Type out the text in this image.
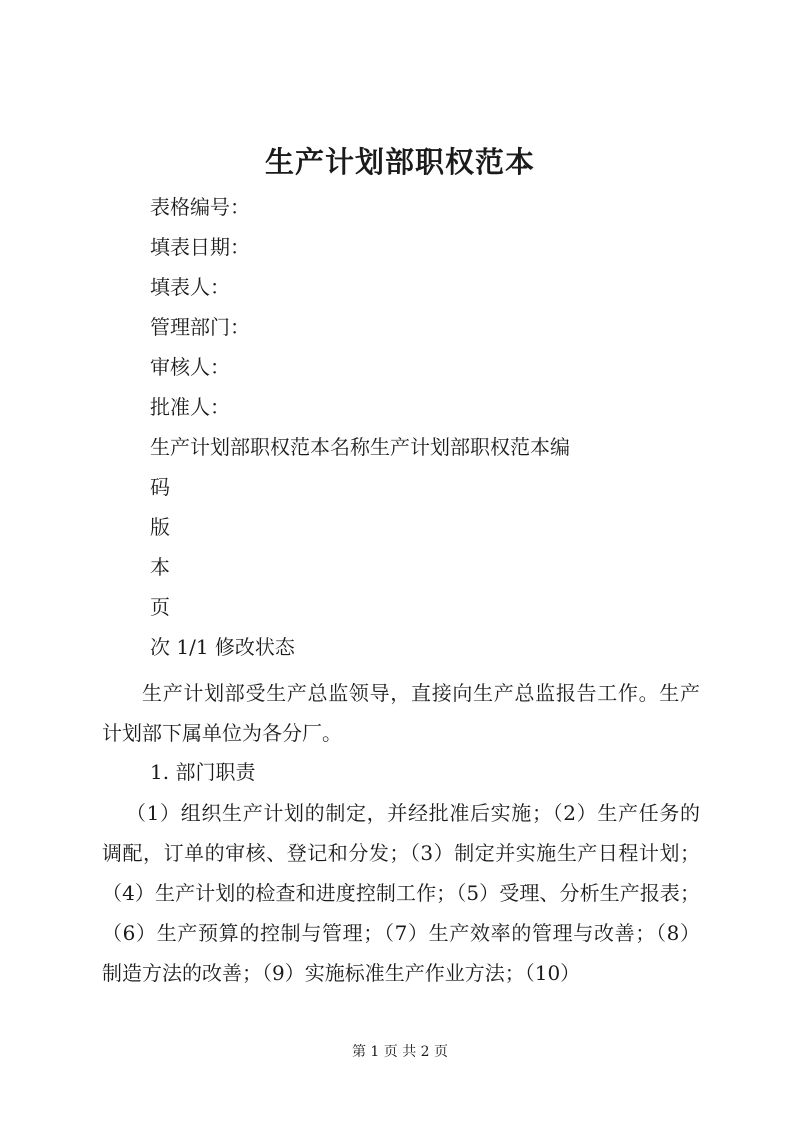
生产计划部职权范本
表格编号：
填表日期：
填表人：
管理部门：
审核人：
批准人：
生产计划部职权范本名称生产计划部职权范本编
码
版
本
页
次 1/1 修改状态

生产计划部受生产总监领导，直接向生产总监报告工作。生产计划部下属单位为各分厂。

1. 部门职责

（1）组织生产计划的制定，并经批准后实施；（2）生产任务的调配，订单的审核、登记和分发；（3）制定并实施生产日程计划；（4）生产计划的检查和进度控制工作；（5）受理、分析生产报表；（6）生产预算的控制与管理；（7）生产效率的管理与改善；（8）制造方法的改善；（9）实施标准生产作业方法；（10）

第 1 页 共 2 页
